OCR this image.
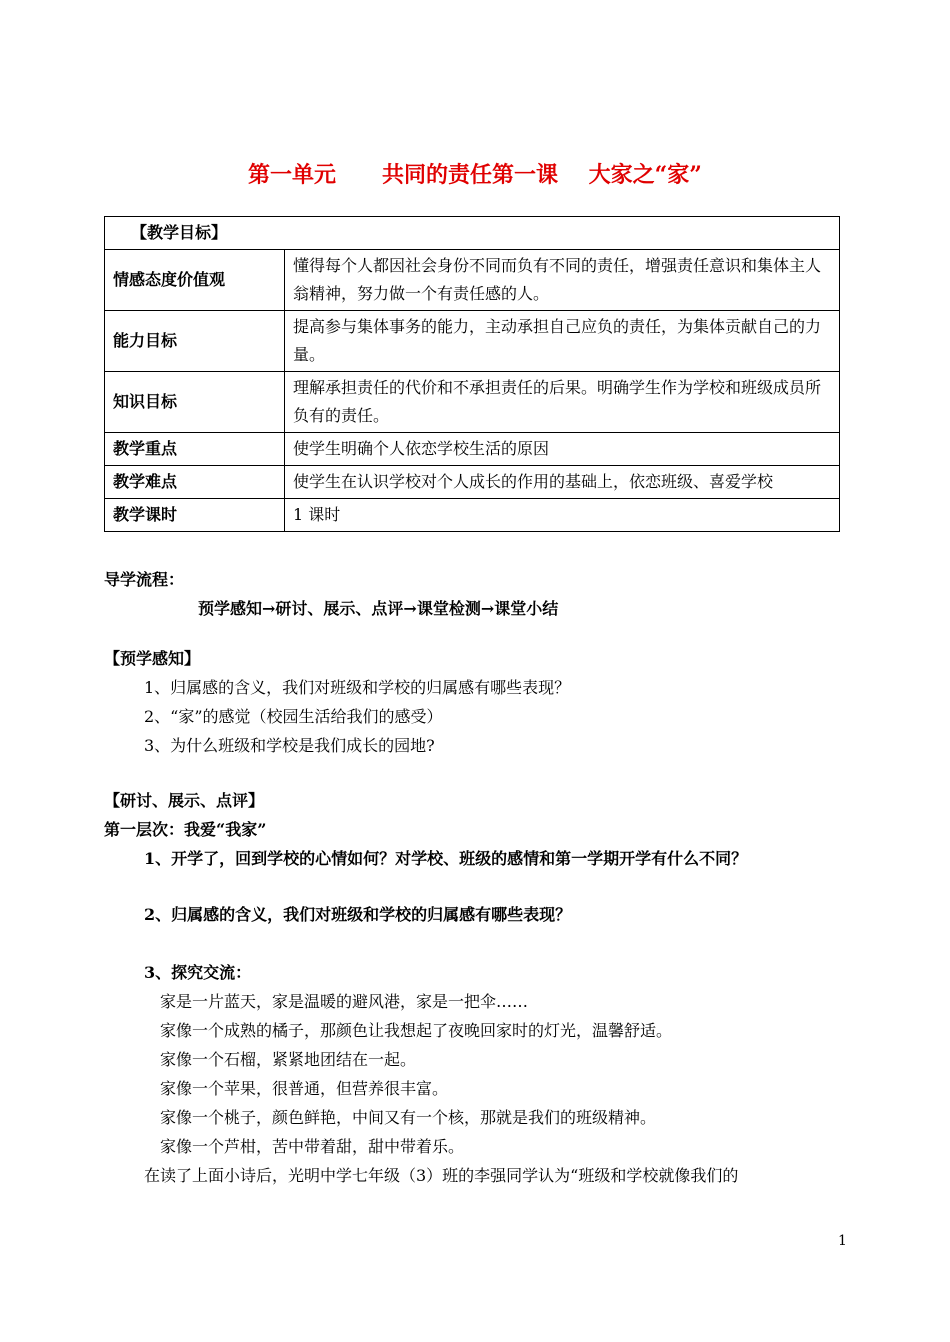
第一单元      共同的责任第一课    大家之“家”
【教学目标】	
情感态度价值观	懂得每个人都因社会身份不同而负有不同的责任，增强责任意识和集体主人翁精神，努力做一个有责任感的人。
能力目标	提高参与集体事务的能力，主动承担自己应负的责任，为集体贡献自己的力量。
知识目标	理解承担责任的代价和不承担责任的后果。明确学生作为学校和班级成员所负有的责任。
教学重点	使学生明确个人依恋学校生活的原因
教学难点	使学生在认识学校对个人成长的作用的基础上，依恋班级、喜爱学校
教学课时	1 课时
导学流程：
预学感知→研讨、展示、点评→课堂检测→课堂小结
【预学感知】
1、归属感的含义，我们对班级和学校的归属感有哪些表现？
2、“家”的感觉（校园生活给我们的感受）
3、为什么班级和学校是我们成长的园地?
【研讨、展示、点评】
第一层次：我爱“我家”
1、开学了，回到学校的心情如何？对学校、班级的感情和第一学期开学有什么不同？
2、归属感的含义，我们对班级和学校的归属感有哪些表现？
3、探究交流：
家是一片蓝天，家是温暖的避风港，家是一把伞……
家像一个成熟的橘子，那颜色让我想起了夜晚回家时的灯光，温馨舒适。
家像一个石榴，紧紧地团结在一起。
家像一个苹果，很普通，但营养很丰富。
家像一个桃子，颜色鲜艳，中间又有一个核，那就是我们的班级精神。
家像一个芦柑，苦中带着甜，甜中带着乐。
在读了上面小诗后，光明中学七年级（3）班的李强同学认为“班级和学校就像我们的
1
